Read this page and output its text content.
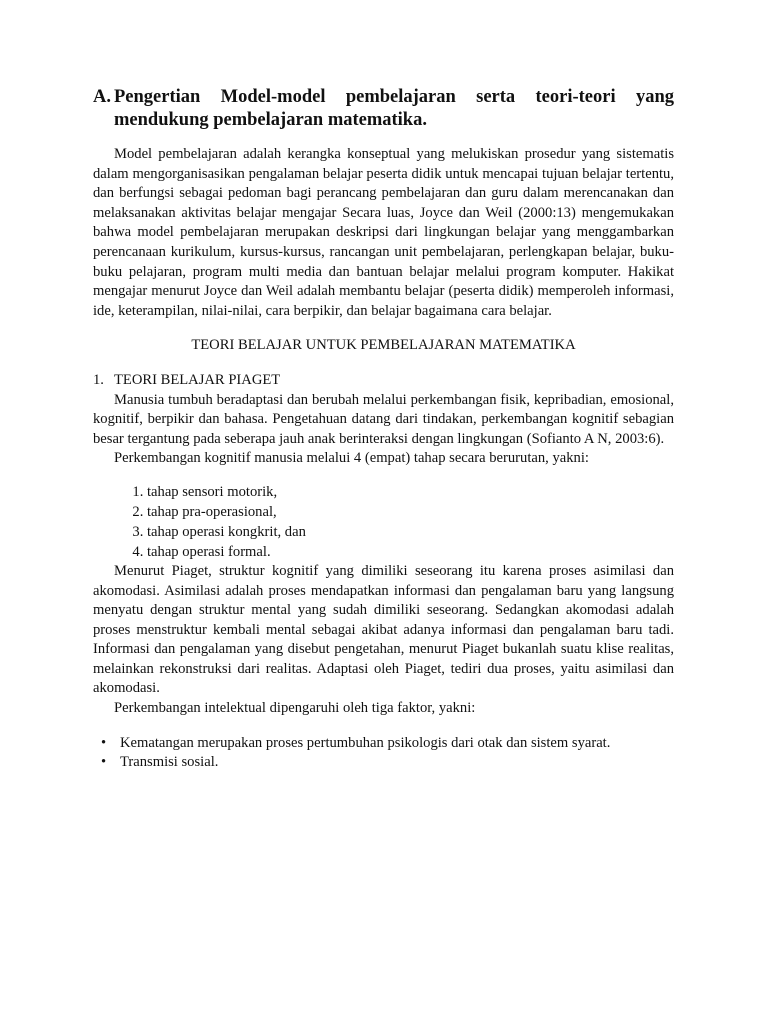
A. Pengertian Model-model pembelajaran serta teori-teori yang mendukung pembelajaran matematika.

Model pembelajaran adalah kerangka konseptual yang melukiskan prosedur yang sistematis dalam mengorganisasikan pengalaman belajar peserta didik untuk mencapai tujuan belajar tertentu, dan berfungsi sebagai pedoman bagi perancang pembelajaran dan guru dalam merencanakan dan melaksanakan aktivitas belajar mengajar Secara luas, Joyce dan Weil (2000:13) mengemukakan bahwa model pembelajaran merupakan deskripsi dari lingkungan belajar yang menggambarkan perencanaan kurikulum, kursus-kursus, rancangan unit pembelajaran, perlengkapan belajar, buku-buku pelajaran, program multi media dan bantuan belajar melalui program komputer. Hakikat mengajar menurut Joyce dan Weil adalah membantu belajar (peserta didik) memperoleh informasi, ide, keterampilan, nilai-nilai, cara berpikir, dan belajar bagaimana cara belajar.

TEORI BELAJAR UNTUK PEMBELAJARAN MATEMATIKA
1. TEORI BELAJAR PIAGET

Manusia tumbuh beradaptasi dan berubah melalui perkembangan fisik, kepribadian, emosional, kognitif, berpikir dan bahasa. Pengetahuan datang dari tindakan, perkembangan kognitif sebagian besar tergantung pada seberapa jauh anak berinteraksi dengan lingkungan (Sofianto A N, 2003:6).

Perkembangan kognitif manusia melalui 4 (empat) tahap secara berurutan, yakni:

1. tahap sensori motorik,
2. tahap pra-operasional,
3. tahap operasi kongkrit, dan
4. tahap operasi formal.

Menurut Piaget, struktur kognitif yang dimiliki seseorang itu karena proses asimilasi dan akomodasi. Asimilasi adalah proses mendapatkan informasi dan pengalaman baru yang langsung menyatu dengan struktur mental yang sudah dimiliki seseorang. Sedangkan akomodasi adalah proses menstruktur kembali mental sebagai akibat adanya informasi dan pengalaman baru tadi. Informasi dan pengalaman yang disebut pengetahan, menurut Piaget bukanlah suatu klise realitas, melainkan rekonstruksi dari realitas. Adaptasi oleh Piaget, tediri dua proses, yaitu asimilasi dan akomodasi.

Perkembangan intelektual dipengaruhi oleh tiga faktor, yakni:

• Kematangan merupakan proses pertumbuhan psikologis dari otak dan sistem syarat.
• Transmisi sosial.
